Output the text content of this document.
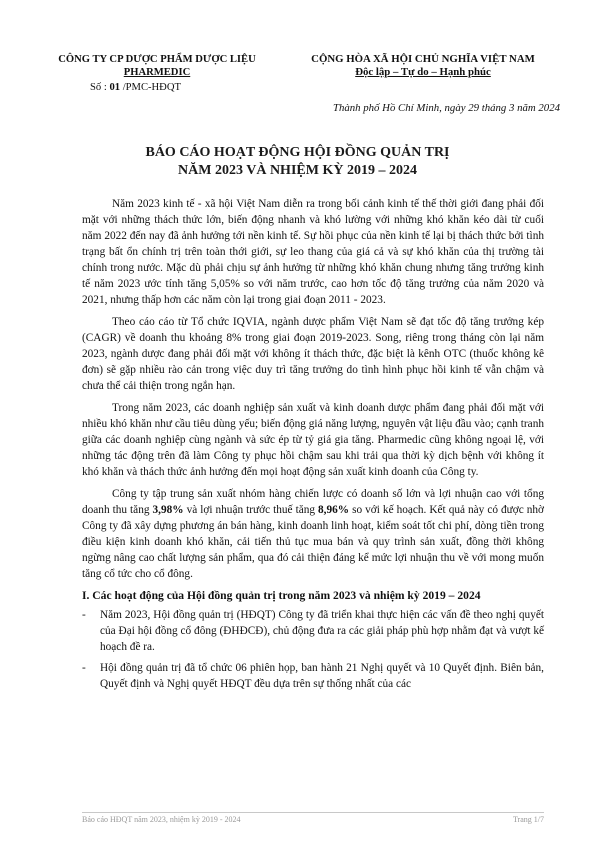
CÔNG TY CP DƯỢC PHẨM DƯỢC LIỆU
PHARMEDIC
Số : 01 /PMC-HĐQT
CỘNG HÒA XÃ HỘI CHỦ NGHĨA VIỆT NAM
Độc lập – Tự do – Hạnh phúc
Thành phố Hồ Chí Minh, ngày 29 tháng 3 năm 2024
BÁO CÁO HOẠT ĐỘNG HỘI ĐỒNG QUẢN TRỊ
NĂM 2023 VÀ NHIỆM KỲ 2019 – 2024

Năm 2023 kinh tế - xã hội Việt Nam diễn ra trong bối cảnh kinh tế thế thời giới đang phải đối mặt với những thách thức lớn, biến động nhanh và khó lường với những khó khăn kéo dài từ cuối năm 2022 đến nay đã ảnh hưởng tới nền kinh tế. Sự hồi phục của nền kinh tế lại bị thách thức bởi tình trạng bất ổn chính trị trên toàn thới giới, sự leo thang của giá cả và sự khó khăn của thị trường tài chính trong nước. Mặc dù phải chịu sự ảnh hưởng từ những khó khăn chung nhưng tăng trưởng kinh tế năm 2023 ước tính tăng 5,05% so với năm trước, cao hơn tốc độ tăng trưởng của năm 2020 và 2021, nhưng thấp hơn các năm còn lại trong giai đoạn 2011 - 2023.

Theo cáo cáo từ Tổ chức IQVIA, ngành dược phẩm Việt Nam sẽ đạt tốc độ tăng trưởng kép (CAGR) về doanh thu khoảng 8% trong giai đoạn 2019-2023. Song, riêng trong tháng còn lại năm 2023, ngành dược đang phải đối mặt với không ít thách thức, đặc biệt là kênh OTC (thuốc không kê đơn) sẽ gặp nhiều rào cản trong việc duy trì tăng trưởng do tình hình phục hồi kinh tế vẫn chậm và chưa thể cải thiện trong ngắn hạn.

Trong năm 2023, các doanh nghiệp sản xuất và kinh doanh dược phẩm đang phải đối mặt với nhiều khó khăn như cầu tiêu dùng yếu; biến động giá năng lượng, nguyên vật liệu đầu vào; cạnh tranh giữa các doanh nghiệp cùng ngành và sức ép từ tỷ giá gia tăng. Pharmedic cũng không ngoại lệ, với những tác động trên đã làm Công ty phục hồi chậm sau khi trải qua thời kỳ dịch bệnh với không ít khó khăn và thách thức ảnh hưởng đến mọi hoạt động sản xuất kinh doanh của Công ty.

Công ty tập trung sản xuất nhóm hàng chiến lược có doanh số lớn và lợi nhuận cao với tổng doanh thu tăng 3,98% và lợi nhuận trước thuế tăng 8,96% so với kế hoạch. Kết quả này có được nhờ Công ty đã xây dựng phương án bán hàng, kinh doanh linh hoạt, kiểm soát tốt chi phí, dòng tiền trong điều kiện kinh doanh khó khăn, cải tiến thủ tục mua bán và quy trình sản xuất, đồng thời không ngừng nâng cao chất lượng sản phẩm, qua đó cải thiện đáng kể mức lợi nhuận thu về với mong muốn tăng cổ tức cho cổ đông.

I. Các hoạt động của Hội đồng quản trị trong năm 2023 và nhiệm kỳ 2019 – 2024
- Năm 2023, Hội đồng quản trị (HĐQT) Công ty đã triển khai thực hiện các vấn đề theo nghị quyết của Đại hội đồng cổ đông (ĐHĐCĐ), chủ động đưa ra các giải pháp phù hợp nhằm đạt và vượt kế hoạch đề ra.
- Hội đồng quản trị đã tổ chức 06 phiên họp, ban hành 21 Nghị quyết và 10 Quyết định. Biên bản, Quyết định và Nghị quyết HĐQT đều dựa trên sự thống nhất của các
Báo cáo HĐQT năm 2023, nhiệm kỳ 2019 - 2024	Trang 1/7
